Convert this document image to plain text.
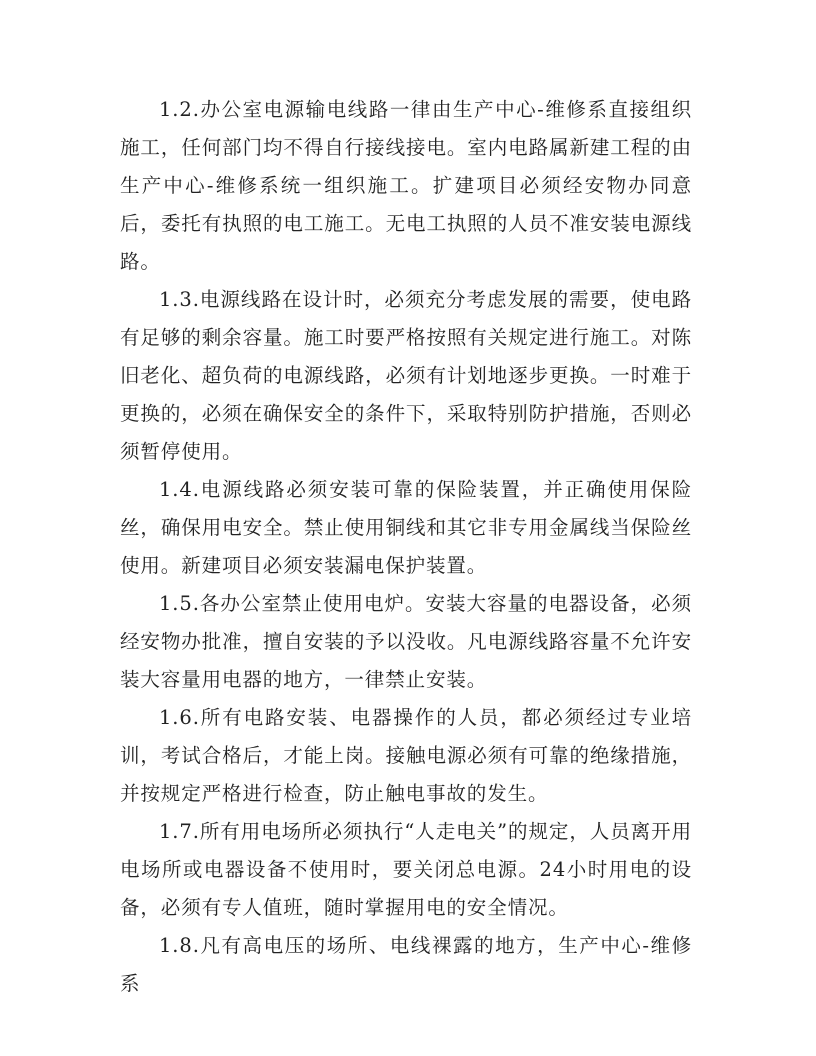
1.2.办公室电源输电线路一律由生产中心-维修系直接组织施工，任何部门均不得自行接线接电。室内电路属新建工程的由生产中心-维修系统一组织施工。扩建项目必须经安物办同意后，委托有执照的电工施工。无电工执照的人员不准安装电源线路。

1.3.电源线路在设计时，必须充分考虑发展的需要，使电路有足够的剩余容量。施工时要严格按照有关规定进行施工。对陈旧老化、超负荷的电源线路，必须有计划地逐步更换。一时难于更换的，必须在确保安全的条件下，采取特别防护措施，否则必须暂停使用。

1.4.电源线路必须安装可靠的保险装置，并正确使用保险丝，确保用电安全。禁止使用铜线和其它非专用金属线当保险丝使用。新建项目必须安装漏电保护装置。

1.5.各办公室禁止使用电炉。安装大容量的电器设备，必须经安物办批准，擅自安装的予以没收。凡电源线路容量不允许安装大容量用电器的地方，一律禁止安装。

1.6.所有电路安装、电器操作的人员，都必须经过专业培训，考试合格后，才能上岗。接触电源必须有可靠的绝缘措施，并按规定严格进行检查，防止触电事故的发生。

1.7.所有用电场所必须执行“人走电关”的规定，人员离开用电场所或电器设备不使用时，要关闭总电源。24小时用电的设备，必须有专人值班，随时掌握用电的安全情况。

1.8.凡有高电压的场所、电线裸露的地方，生产中心-维修系
